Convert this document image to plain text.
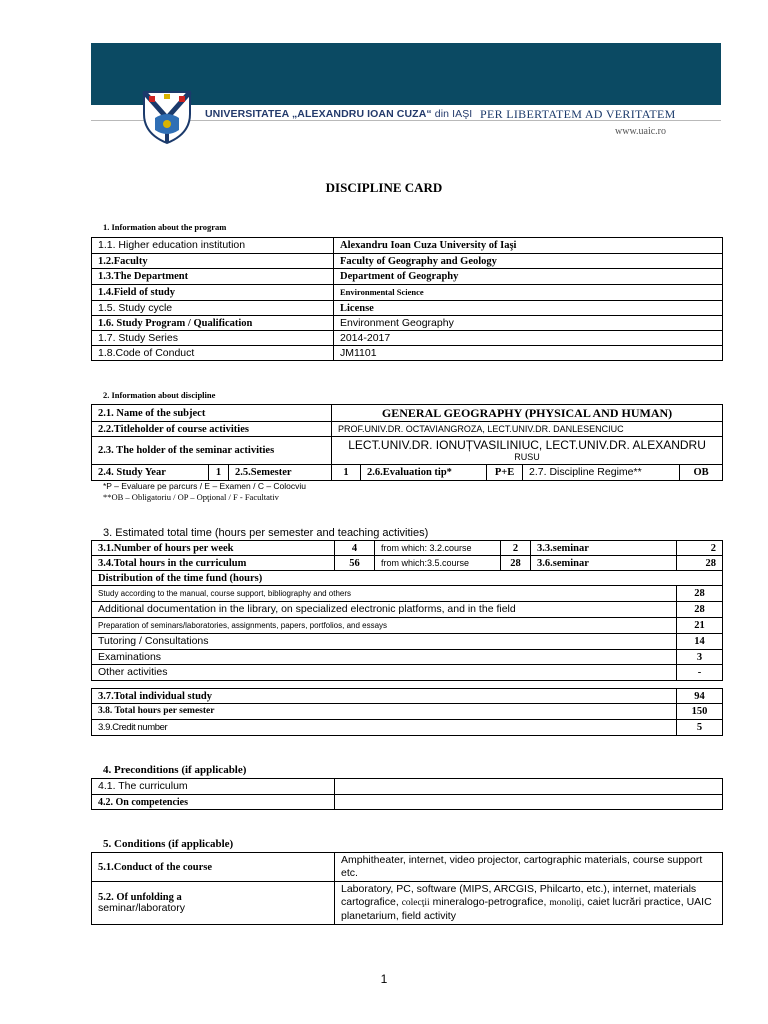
UNIVERSITATEA „ALEXANDRU IOAN CUZA“ din IAŞI PER LIBERTATEM AD VERITATEM
www.uaic.ro
DISCIPLINE CARD
1. Information about the program
1.1. Higher education institution	Alexandru Ioan Cuza University of Iaşi
1.2.Faculty	Faculty of Geography and Geology
1.3.The Department	Department of Geography
1.4.Field of study	Environmental Science
1.5. Study cycle	License
1.6. Study Program / Qualification	Environment Geography
1.7. Study Series	2014-2017
1.8.Code of Conduct	JM1101
2. Information about discipline
2.1. Name of the subject			GENERAL GEOGRAPHY (PHYSICAL AND HUMAN)				
2.2.Titleholder of course activities			PROF.UNIV.DR. OCTAVIANGROZA, LECT.UNIV.DR. DANLESENCIUC				
2.3. The holder of the seminar activities			LECT.UNIV.DR. IONUȚVASILINIUC, LECT.UNIV.DR. ALEXANDRU
RUSU				

2.4. Study Year	1	2.5.Semester	1	2.6.Evaluation tip*	P+E	2.7. Discipline Regime**	OB
*P – Evaluare pe parcurs / E – Examen / C – Colocviu
**OB – Obligatoriu / OP – Opţional / F - Facultativ
3. Estimated total time (hours per semester and teaching activities)
3.1.Number of hours per week	4	from which: 3.2.course	2	3.3.seminar	2
3.4.Total hours in the curriculum	56	from which:3.5.course	28	3.6.seminar	28
Distribution of the time fund (hours)					
Study according to the manual, course support, bibliography and others					28
Additional documentation in the library, on specialized electronic platforms, and in the field					28
Preparation of seminars/laboratories, assignments, papers, portfolios, and essays					21
Tutoring / Consultations					14
Examinations					3
Other activities					-
3.7.Total individual study	94
3.8. Total hours per semester	150
3.9.Credit number	5
4. Preconditions (if applicable)
4.1. The curriculum	
4.2. On competencies	
5. Conditions (if applicable)
5.1.Conduct of the course	Amphitheater, internet, video projector, cartographic materials, course support etc.

5.2. Of unfolding a
seminar/laboratory	Laboratory, PC, software (MIPS, ARCGIS, Philcarto, etc.), internet, materials cartografice, colecţii mineralogo-petrografice, monoliţi, caiet lucrări practice, UAIC planetarium, field activity
1
